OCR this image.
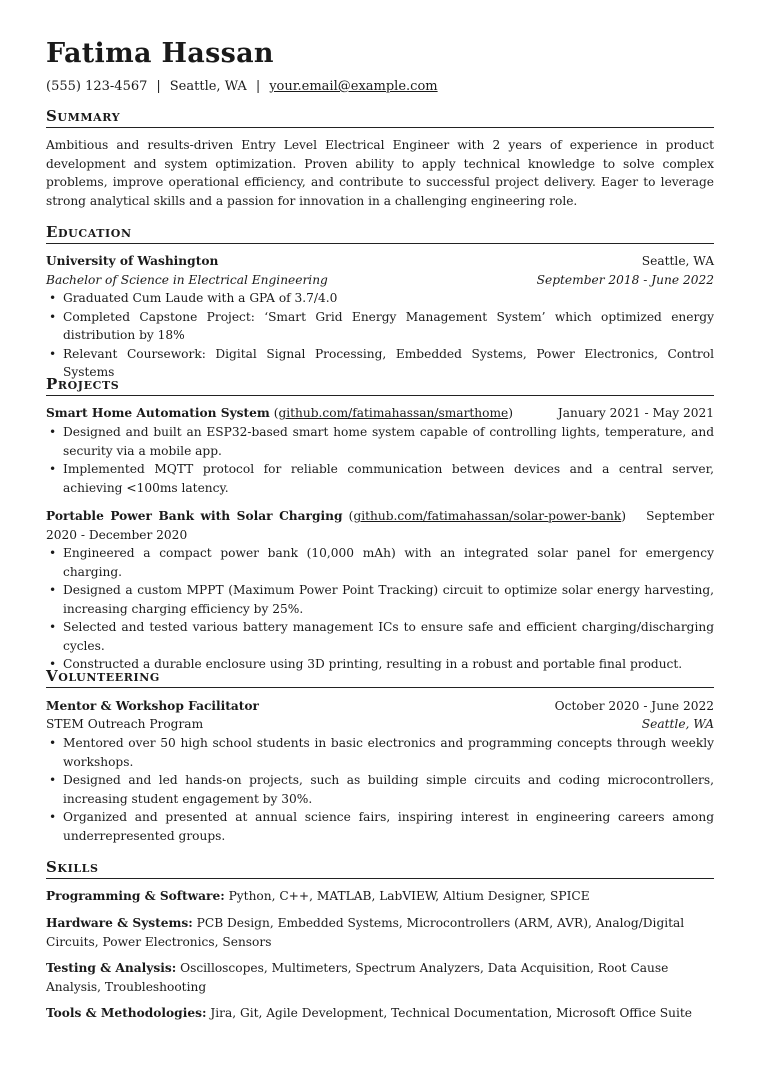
Fatima Hassan
(555) 123-4567 | Seattle, WA | your.email@example.com
Summary
Ambitious and results-driven Entry Level Electrical Engineer with 2 years of experience in product development and system optimization. Proven ability to apply technical knowledge to solve complex problems, improve operational efficiency, and contribute to successful project delivery. Eager to leverage strong analytical skills and a passion for innovation in a challenging engineering role.
Education
University of Washington	Seattle, WA
Bachelor of Science in Electrical Engineering	September 2018 - June 2022
• Graduated Cum Laude with a GPA of 3.7/4.0
• Completed Capstone Project: ‘Smart Grid Energy Management System’ which optimized energy distribution by 18%
• Relevant Coursework: Digital Signal Processing, Embedded Systems, Power Electronics, Control Systems
Projects
Smart Home Automation System (github.com/fatimahassan/smarthome)	January 2021 - May 2021
• Designed and built an ESP32-based smart home system capable of controlling lights, temperature, and security via a mobile app.
• Implemented MQTT protocol for reliable communication between devices and a central server, achieving <100ms latency.
Portable Power Bank with Solar Charging (github.com/fatimahassan/solar-power-bank) September 2020 - December 2020
• Engineered a compact power bank (10,000 mAh) with an integrated solar panel for emergency charging.
• Designed a custom MPPT (Maximum Power Point Tracking) circuit to optimize solar energy harvesting, increasing charging efficiency by 25%.
• Selected and tested various battery management ICs to ensure safe and efficient charging/discharging cycles.
• Constructed a durable enclosure using 3D printing, resulting in a robust and portable final product.
Volunteering
Mentor & Workshop Facilitator	October 2020 - June 2022
STEM Outreach Program	Seattle, WA
• Mentored over 50 high school students in basic electronics and programming concepts through weekly workshops.
• Designed and led hands-on projects, such as building simple circuits and coding microcontrollers, increasing student engagement by 30%.
• Organized and presented at annual science fairs, inspiring interest in engineering careers among underrepresented groups.
Skills
Programming & Software: Python, C++, MATLAB, LabVIEW, Altium Designer, SPICE
Hardware & Systems: PCB Design, Embedded Systems, Microcontrollers (ARM, AVR), Analog/Digital Circuits, Power Electronics, Sensors
Testing & Analysis: Oscilloscopes, Multimeters, Spectrum Analyzers, Data Acquisition, Root Cause Analysis, Troubleshooting
Tools & Methodologies: Jira, Git, Agile Development, Technical Documentation, Microsoft Office Suite
